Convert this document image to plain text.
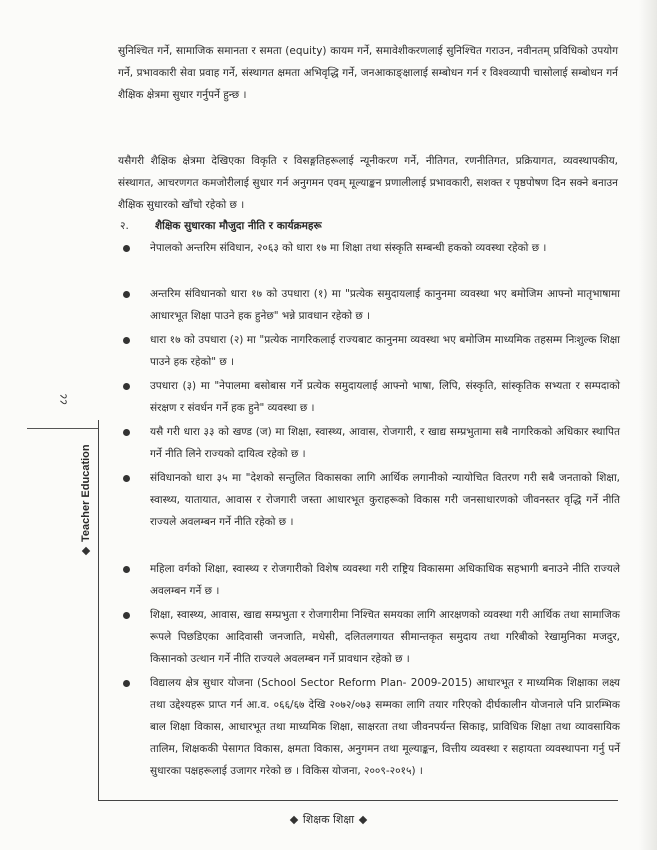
सुनिश्चित गर्ने, सामाजिक समानता र समता (equity) कायम गर्ने, समावेशीकरणलाई सुनिश्चित गराउन, नवीनतम् प्रविधिको उपयोग गर्ने, प्रभावकारी सेवा प्रवाह गर्ने, संस्थागत क्षमता अभिवृद्धि गर्ने, जनआकाङ्क्षालाई सम्बोधन गर्न र विश्वव्यापी चासोलाई सम्बोधन गर्न शैक्षिक क्षेत्रमा सुधार गर्नुपर्ने हुन्छ ।
यसैगरी शैक्षिक क्षेत्रमा देखिएका विकृति र विसङ्गतिहरूलाई न्यूनीकरण गर्ने, नीतिगत, रणनीतिगत, प्रक्रियागत, व्यवस्थापकीय, संस्थागत, आचरणगत कमजोरीलाई सुधार गर्न अनुगमन एवम् मूल्याङ्कन प्रणालीलाई प्रभावकारी, सशक्त र पृष्ठपोषण दिन सक्ने बनाउन शैक्षिक सुधारको खाँचो रहेको छ ।
२. शैक्षिक सुधारका मौजुदा नीति र कार्यक्रमहरू
नेपालको अन्तरिम संविधान, २०६३ को धारा १७ मा शिक्षा तथा संस्कृति सम्बन्धी हकको व्यवस्था रहेको छ ।
अन्तरिम संविधानको धारा १७ को उपधारा (१) मा "प्रत्येक समुदायलाई कानुनमा व्यवस्था भए बमोजिम आफ्नो मातृभाषामा आधारभूत शिक्षा पाउने हक हुनेछ" भन्ने प्रावधान रहेको छ ।
धारा १७ को उपधारा (२) मा "प्रत्येक नागरिकलाई राज्यबाट कानुनमा व्यवस्था भए बमोजिम माध्यमिक तहसम्म निःशुल्क शिक्षा पाउने हक रहेको" छ ।
उपधारा (३) मा "नेपालमा बसोबास गर्ने प्रत्येक समुदायलाई आफ्नो भाषा, लिपि, संस्कृति, सांस्कृतिक सभ्यता र सम्पदाको संरक्षण र संवर्धन गर्ने हक हुने" व्यवस्था छ ।
यसै गरी धारा ३३ को खण्ड (ज) मा शिक्षा, स्वास्थ्य, आवास, रोजगारी, र खाद्य सम्प्रभुतामा सबै नागरिकको अधिकार स्थापित गर्ने नीति लिने राज्यको दायित्व रहेको छ ।
संविधानको धारा ३५ मा "देशको सन्तुलित विकासका लागि आर्थिक लगानीको न्यायोचित वितरण गरी सबै जनताको शिक्षा, स्वास्थ्य, यातायात, आवास र रोजगारी जस्ता आधारभूत कुराहरूको विकास गरी जनसाधारणको जीवनस्तर वृद्धि गर्ने नीति राज्यले अवलम्बन गर्ने नीति रहेको छ ।
महिला वर्गको शिक्षा, स्वास्थ्य र रोजगारीको विशेष व्यवस्था गरी राष्ट्रिय विकासमा अधिकाधिक सहभागी बनाउने नीति राज्यले अवलम्बन गर्ने छ ।
शिक्षा, स्वास्थ्य, आवास, खाद्य सम्प्रभुता र रोजगारीमा निश्चित समयका लागि आरक्षणको व्यवस्था गरी आर्थिक तथा सामाजिक रूपले पिछडिएका आदिवासी जनजाति, मधेसी, दलितलगायत सीमान्तकृत समुदाय तथा गरिबीको रेखामुनिका मजदुर, किसानको उत्थान गर्ने नीति राज्यले अवलम्बन गर्ने प्रावधान रहेको छ ।
विद्यालय क्षेत्र सुधार योजना (School Sector Reform Plan- 2009-2015) आधारभूत र माध्यमिक शिक्षाका लक्ष्य तथा उद्देश्यहरू प्राप्त गर्न आ.व. ०६६/६७ देखि २०७२/०७३ सम्मका लागि तयार गरिएको दीर्घकालीन योजनाले पनि प्रारम्भिक बाल शिक्षा विकास, आधारभूत तथा माध्यमिक शिक्षा, साक्षरता तथा जीवनपर्यन्त सिकाइ, प्राविधिक शिक्षा तथा व्यावसायिक तालिम, शिक्षककी पेसागत विकास, क्षमता विकास, अनुगमन तथा मूल्याङ्कन, वित्तीय व्यवस्था र सहायता व्यवस्थापना गर्नु पर्ने सुधारका पक्षहरूलाई उजागर गरेको छ । विकिस योजना, २००९-२०१५) ।
८८
Teacher Education
शिक्षक शिक्षा
